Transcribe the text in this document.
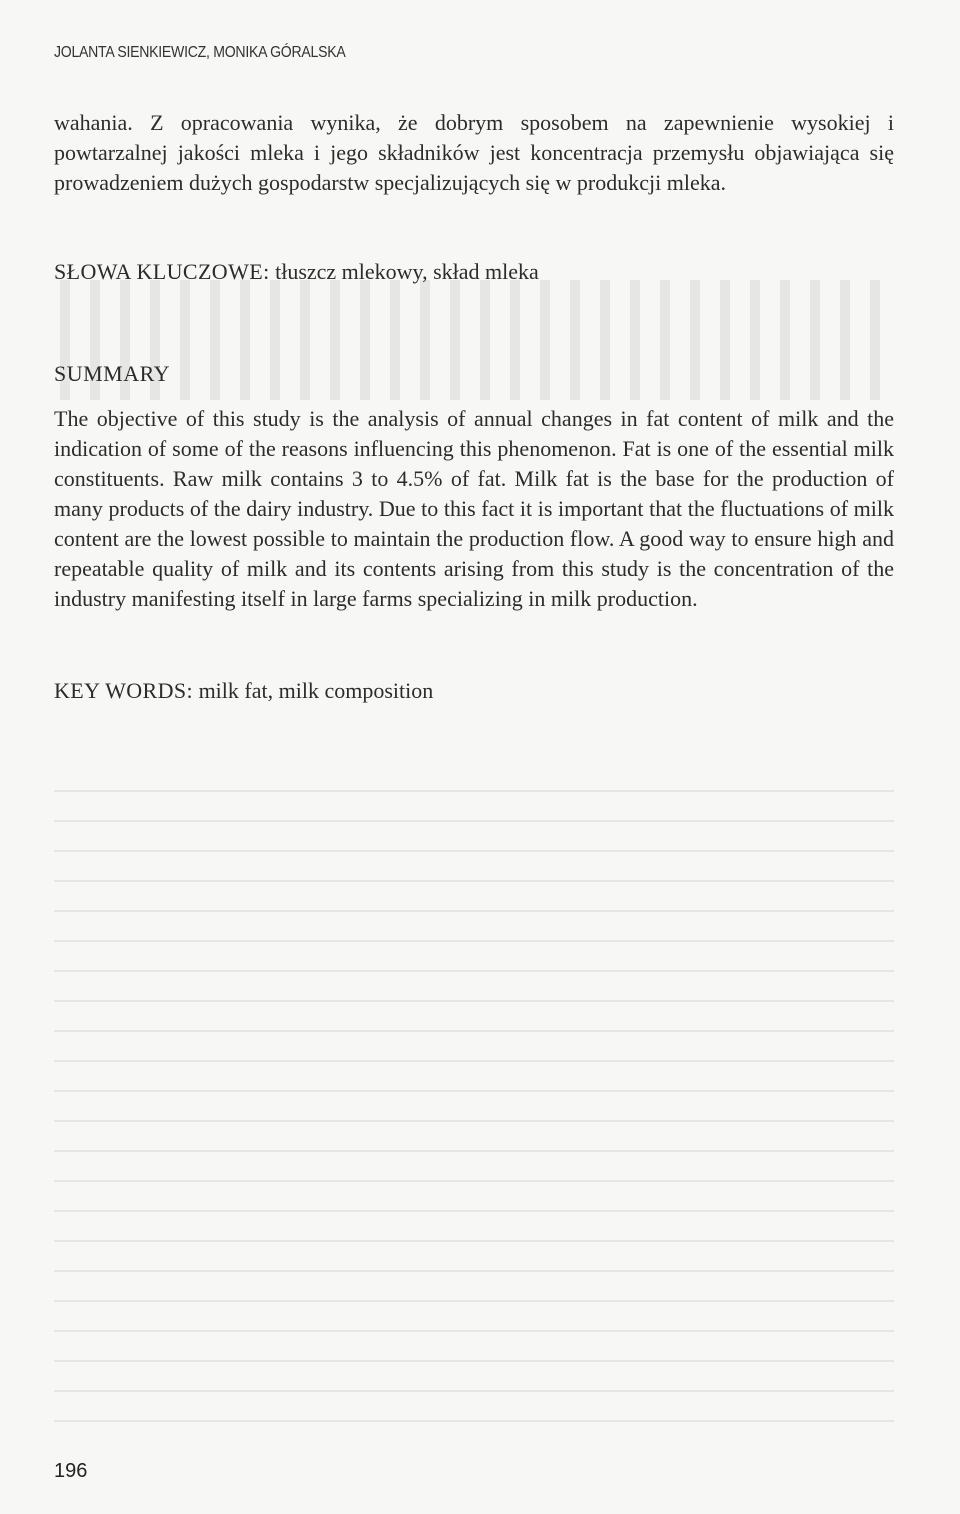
JOLANTA SIENKIEWICZ, MONIKA GÓRALSKA

wahania. Z opracowania wynika, że dobrym sposobem na zapewnienie wysokiej i powtarzalnej jakości mleka i jego składników jest koncentracja przemysłu objawiająca się prowadzeniem dużych gospodarstw specjalizujących się w produkcji mleka.

SŁOWA KLUCZOWE: tłuszcz mlekowy, skład mleka

SUMMARY

The objective of this study is the analysis of annual changes in fat content of milk and the indication of some of the reasons influencing this phenomenon. Fat is one of the essential milk constituents. Raw milk contains 3 to 4.5% of fat. Milk fat is the base for the production of many products of the dairy industry. Due to this fact it is important that the fluctuations of milk content are the lowest possible to maintain the production flow. A good way to ensure high and repeatable quality of milk and its contents arising from this study is the concentration of the industry manifesting itself in large farms specializing in milk production.

KEY WORDS: milk fat, milk composition

196
